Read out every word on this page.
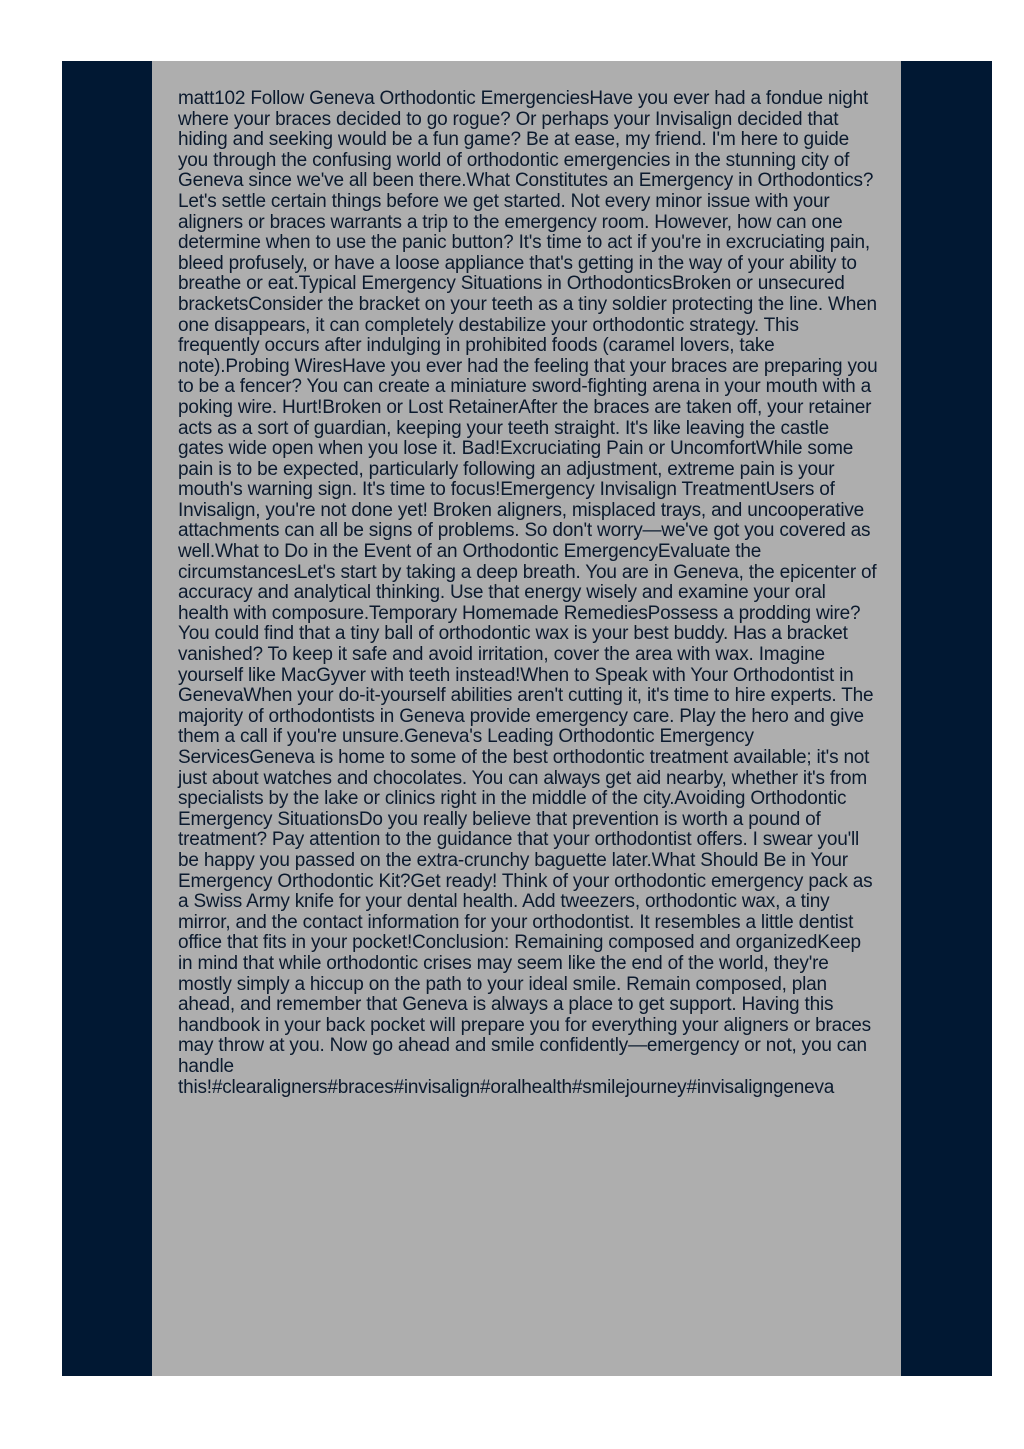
matt102 Follow Geneva Orthodontic EmergenciesHave you ever had a fondue night where your braces decided to go rogue? Or perhaps your Invisalign decided that hiding and seeking would be a fun game? Be at ease, my friend. I'm here to guide you through the confusing world of orthodontic emergencies in the stunning city of Geneva since we've all been there.What Constitutes an Emergency in Orthodontics?Let's settle certain things before we get started. Not every minor issue with your aligners or braces warrants a trip to the emergency room. However, how can one determine when to use the panic button? It's time to act if you're in excruciating pain, bleed profusely, or have a loose appliance that's getting in the way of your ability to breathe or eat.Typical Emergency Situations in OrthodonticsBroken or unsecured bracketsConsider the bracket on your teeth as a tiny soldier protecting the line. When one disappears, it can completely destabilize your orthodontic strategy. This frequently occurs after indulging in prohibited foods (caramel lovers, take note).Probing WiresHave you ever had the feeling that your braces are preparing you to be a fencer? You can create a miniature sword-fighting arena in your mouth with a poking wire. Hurt!Broken or Lost RetainerAfter the braces are taken off, your retainer acts as a sort of guardian, keeping your teeth straight. It's like leaving the castle gates wide open when you lose it. Bad!Excruciating Pain or UncomfortWhile some pain is to be expected, particularly following an adjustment, extreme pain is your mouth's warning sign. It's time to focus!Emergency Invisalign TreatmentUsers of Invisalign, you're not done yet! Broken aligners, misplaced trays, and uncooperative attachments can all be signs of problems. So don't worry—we've got you covered as well.What to Do in the Event of an Orthodontic EmergencyEvaluate the circumstancesLet's start by taking a deep breath. You are in Geneva, the epicenter of accuracy and analytical thinking. Use that energy wisely and examine your oral health with composure.Temporary Homemade RemediesPossess a prodding wire? You could find that a tiny ball of orthodontic wax is your best buddy. Has a bracket vanished? To keep it safe and avoid irritation, cover the area with wax. Imagine yourself like MacGyver with teeth instead!When to Speak with Your Orthodontist in GenevaWhen your do-it-yourself abilities aren't cutting it, it's time to hire experts. The majority of orthodontists in Geneva provide emergency care. Play the hero and give them a call if you're unsure.Geneva's Leading Orthodontic Emergency ServicesGeneva is home to some of the best orthodontic treatment available; it's not just about watches and chocolates. You can always get aid nearby, whether it's from specialists by the lake or clinics right in the middle of the city.Avoiding Orthodontic Emergency SituationsDo you really believe that prevention is worth a pound of treatment? Pay attention to the guidance that your orthodontist offers. I swear you'll be happy you passed on the extra-crunchy baguette later.What Should Be in Your Emergency Orthodontic Kit?Get ready! Think of your orthodontic emergency pack as a Swiss Army knife for your dental health. Add tweezers, orthodontic wax, a tiny mirror, and the contact information for your orthodontist. It resembles a little dentist office that fits in your pocket!Conclusion: Remaining composed and organizedKeep in mind that while orthodontic crises may seem like the end of the world, they're mostly simply a hiccup on the path to your ideal smile. Remain composed, plan ahead, and remember that Geneva is always a place to get support. Having this handbook in your back pocket will prepare you for everything your aligners or braces may throw at you. Now go ahead and smile confidently—emergency or not, you can handle this!#clearaligners#braces#invisalign#oralhealth#smilejourney#invisaligngeneva
